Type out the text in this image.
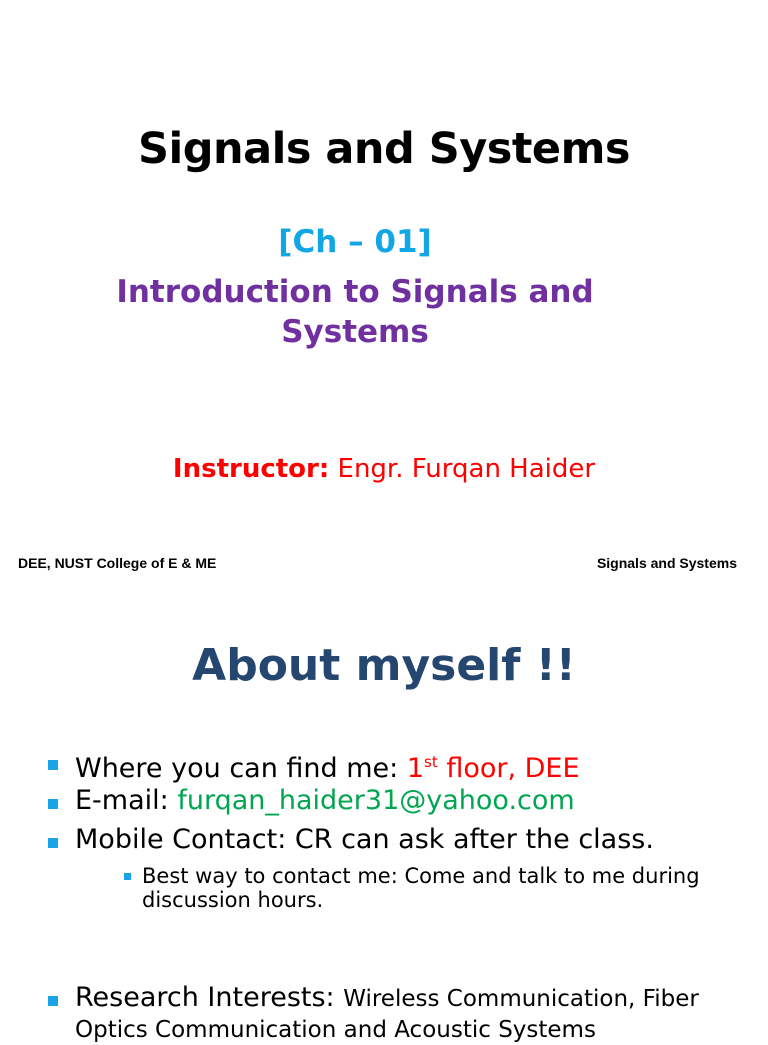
Signals and Systems
[Ch – 01]
Introduction to Signals and Systems
Instructor: Engr. Furqan Haider
DEE, NUST College of E & ME	Signals and Systems
About myself !!
Where you can find me: 1st floor, DEE
E-mail: furqan_haider31@yahoo.com
Mobile Contact: CR can ask after the class.
Best way to contact me: Come and talk to me during discussion hours.
Research Interests: Wireless Communication, Fiber Optics Communication and Acoustic Systems
